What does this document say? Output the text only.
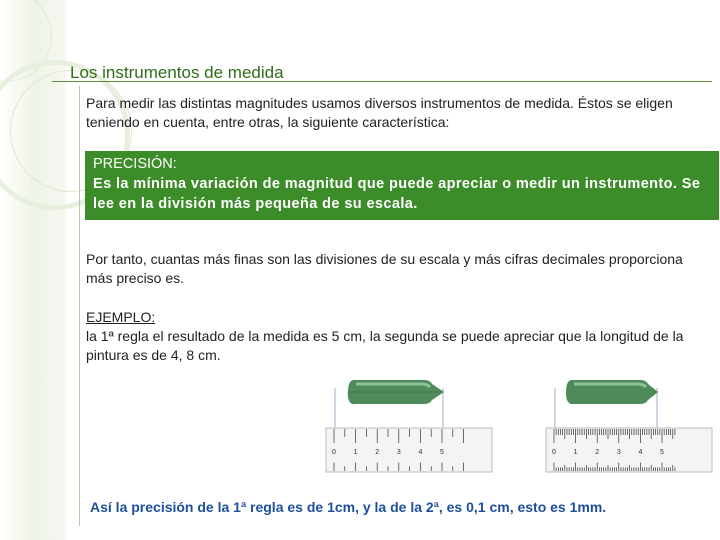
Los instrumentos de medida
Para medir las distintas magnitudes usamos diversos instrumentos de medida. Éstos se eligen teniendo en cuenta, entre otras, la siguiente característica:
PRECISIÓN:
Es la mínima variación de magnitud que puede apreciar o medir un instrumento. Se lee en la división más pequeña de su escala.
Por tanto, cuantas más finas son las divisiones de su escala y más cifras decimales proporciona más preciso es.
EJEMPLO:
la 1ª regla el resultado de la medida es 5 cm, la segunda se puede apreciar que la longitud de la pintura es de 4, 8 cm.
0	1	2	3	4	5	0	1	2	3	4	5
Así la precisión de la 1ª regla es de 1cm, y la de la 2ª, es 0,1 cm, esto es 1mm.
